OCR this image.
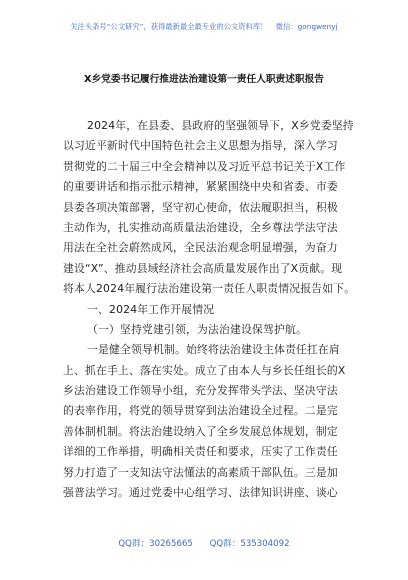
关注头条号“公文研究”，获得最新最全最专业的公文资料库！ 微信：gongwenyj
X乡党委书记履行推进法治建设第一责任人职责述职报告
2024年，在县委、县政府的坚强领导下，X乡党委坚持
以习近平新时代中国特色社会主义思想为指导，深入学习
贯彻党的二十届三中全会精神以及习近平总书记关于X工作
的重要讲话和指示批示精神，紧紧围绕中央和省委、市委
县委各项决策部署，坚守初心使命，依法履职担当，积极
主动作为，扎实推动高质量法治建设，全乡尊法学法守法
用法在全社会蔚然成风，全民法治观念明显增强，为奋力
建设“X”、推动县域经济社会高质量发展作出了X贡献。现
将本人2024年履行法治建设第一责任人职责情况报告如下。
一、2024年工作开展情况
（一）坚持党建引领，为法治建设保驾护航。
一是健全领导机制。始终将法治建设主体责任扛在肩
上、抓在手上、落在实处。成立了由本人与乡长任组长的X
乡法治建设工作领导小组，充分发挥带头学法、坚决守法
的表率作用，将党的领导贯穿到法治建设全过程。二是完
善体制机制。将法治建设纳入了全乡发展总体规划，制定
详细的工作举措，明确相关责任和要求，压实了工作责任
努力打造了一支知法守法懂法的高素质干部队伍。三是加
强普法学习。通过党委中心组学习、法律知识讲座、谈心
QQ群：30265665 QQ群：535304092
